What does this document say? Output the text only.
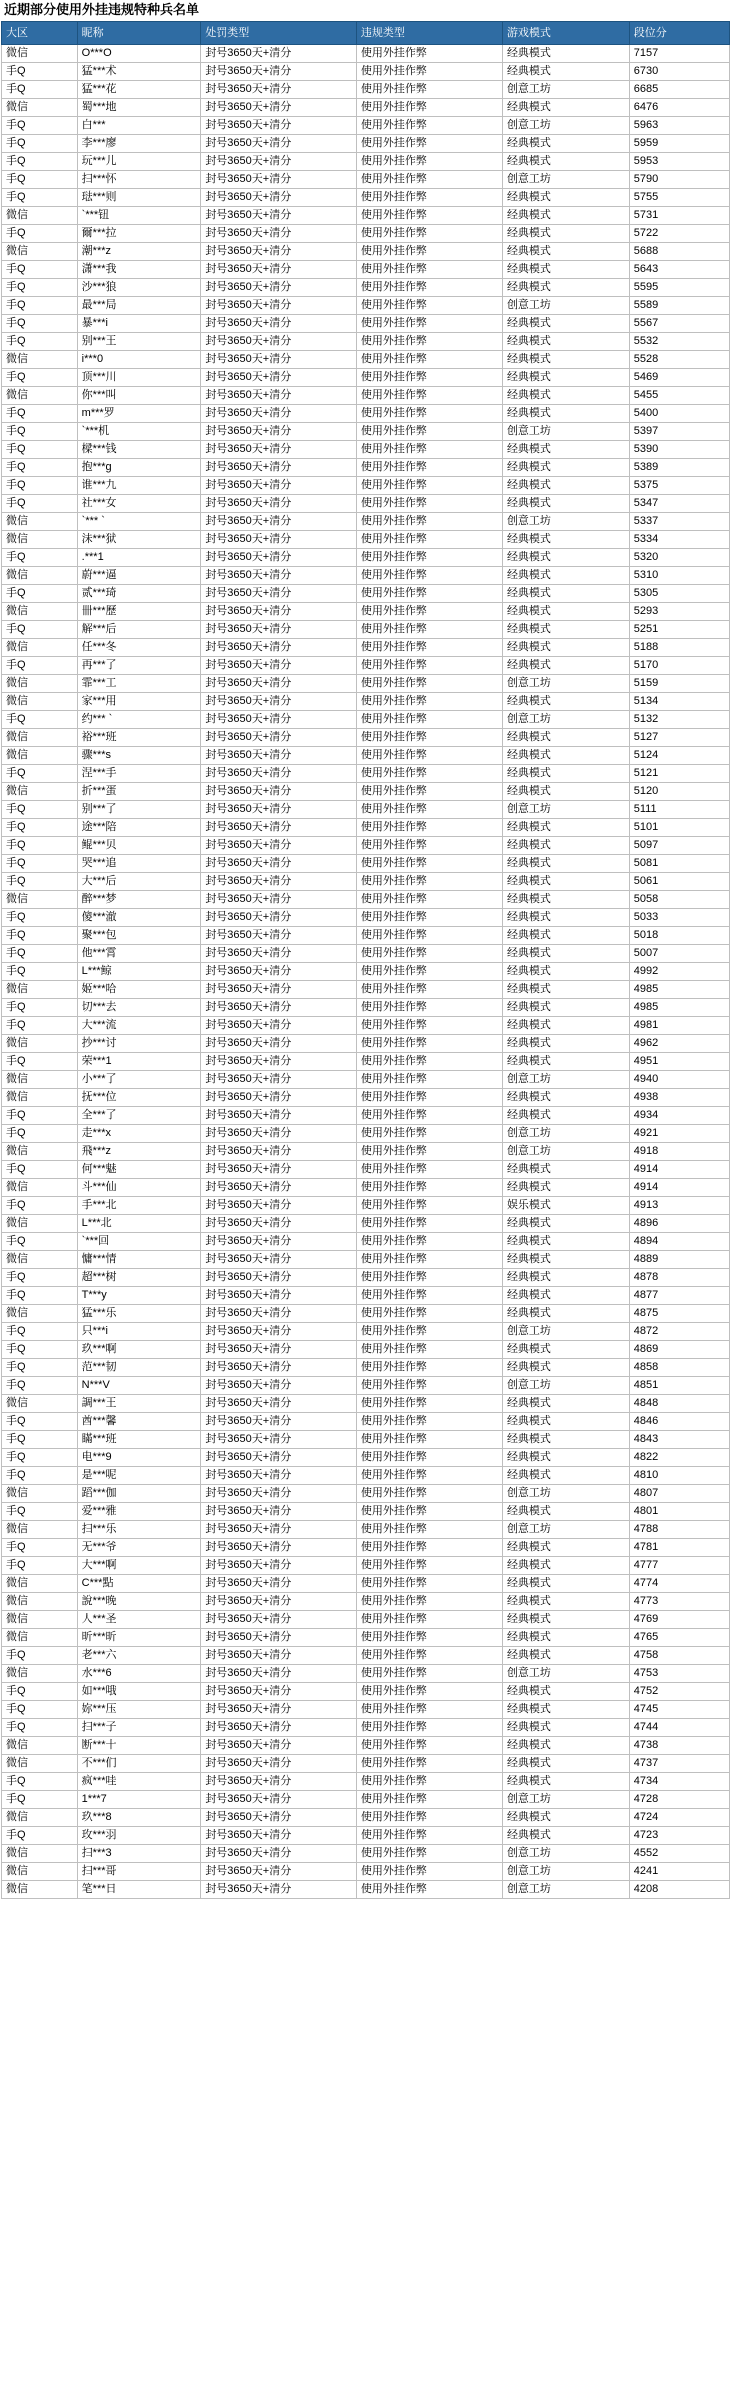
近期部分使用外挂违规特种兵名单
大区	昵称	处罚类型	违规类型	游戏模式	段位分
微信	O***O	封号3650天+清分	使用外挂作弊	经典模式	7157
手Q	猛***术	封号3650天+清分	使用外挂作弊	经典模式	6730
手Q	猛***花	封号3650天+清分	使用外挂作弊	创意工坊	6685
微信	蜀***地	封号3650天+清分	使用外挂作弊	经典模式	6476
手Q	白***	封号3650天+清分	使用外挂作弊	创意工坊	5963
手Q	李***廖	封号3650天+清分	使用外挂作弊	经典模式	5959
手Q	玩***儿	封号3650天+清分	使用外挂作弊	经典模式	5953
手Q	扫***怀	封号3650天+清分	使用外挂作弊	创意工坊	5790
手Q	琺***则	封号3650天+清分	使用外挂作弊	经典模式	5755
微信	`***钮	封号3650天+清分	使用外挂作弊	经典模式	5731
手Q	爾***拉	封号3650天+清分	使用外挂作弊	经典模式	5722
微信	潮***z	封号3650天+清分	使用外挂作弊	经典模式	5688
手Q	潇***我	封号3650天+清分	使用外挂作弊	经典模式	5643
手Q	沙***狼	封号3650天+清分	使用外挂作弊	经典模式	5595
手Q	最***局	封号3650天+清分	使用外挂作弊	创意工坊	5589
手Q	暴***i	封号3650天+清分	使用外挂作弊	经典模式	5567
手Q	别***王	封号3650天+清分	使用外挂作弊	经典模式	5532
微信	i***0	封号3650天+清分	使用外挂作弊	经典模式	5528
手Q	顶***川	封号3650天+清分	使用外挂作弊	经典模式	5469
微信	你***叫	封号3650天+清分	使用外挂作弊	经典模式	5455
手Q	m***罗	封号3650天+清分	使用外挂作弊	经典模式	5400
手Q	`***机	封号3650天+清分	使用外挂作弊	创意工坊	5397
手Q	樑***钱	封号3650天+清分	使用外挂作弊	经典模式	5390
手Q	抱***g	封号3650天+清分	使用外挂作弊	经典模式	5389
手Q	谁***九	封号3650天+清分	使用外挂作弊	经典模式	5375
手Q	社***女	封号3650天+清分	使用外挂作弊	经典模式	5347
微信	`*** `	封号3650天+清分	使用外挂作弊	创意工坊	5337
微信	沬***狱	封号3650天+清分	使用外挂作弊	经典模式	5334
手Q	.***1	封号3650天+清分	使用外挂作弊	经典模式	5320
微信	蔚***逼	封号3650天+清分	使用外挂作弊	经典模式	5310
手Q	贰***琦	封号3650天+清分	使用外挂作弊	经典模式	5305
微信	卌***歷	封号3650天+清分	使用外挂作弊	经典模式	5293
手Q	解***后	封号3650天+清分	使用外挂作弊	经典模式	5251
微信	任***冬	封号3650天+清分	使用外挂作弊	经典模式	5188
手Q	再***了	封号3650天+清分	使用外挂作弊	经典模式	5170
微信	霏***工	封号3650天+清分	使用外挂作弊	创意工坊	5159
微信	家***用	封号3650天+清分	使用外挂作弊	经典模式	5134
手Q	约*** `	封号3650天+清分	使用外挂作弊	创意工坊	5132
微信	裕***班	封号3650天+清分	使用外挂作弊	经典模式	5127
微信	骤***s	封号3650天+清分	使用外挂作弊	经典模式	5124
手Q	涅***手	封号3650天+清分	使用外挂作弊	经典模式	5121
微信	折***蛋	封号3650天+清分	使用外挂作弊	经典模式	5120
手Q	别***了	封号3650天+清分	使用外挂作弊	创意工坊	5111
手Q	途***陪	封号3650天+清分	使用外挂作弊	经典模式	5101
手Q	鲲***贝	封号3650天+清分	使用外挂作弊	经典模式	5097
手Q	哭***追	封号3650天+清分	使用外挂作弊	经典模式	5081
手Q	大***后	封号3650天+清分	使用外挂作弊	经典模式	5061
微信	醉***梦	封号3650天+清分	使用外挂作弊	经典模式	5058
手Q	傻***澈	封号3650天+清分	使用外挂作弊	经典模式	5033
手Q	聚***包	封号3650天+清分	使用外挂作弊	经典模式	5018
手Q	他***霄	封号3650天+清分	使用外挂作弊	经典模式	5007
手Q	L***鲸	封号3650天+清分	使用外挂作弊	经典模式	4992
微信	姬***哈	封号3650天+清分	使用外挂作弊	经典模式	4985
手Q	切***去	封号3650天+清分	使用外挂作弊	经典模式	4985
手Q	大***流	封号3650天+清分	使用外挂作弊	经典模式	4981
微信	抄***讨	封号3650天+清分	使用外挂作弊	经典模式	4962
手Q	荣***1	封号3650天+清分	使用外挂作弊	经典模式	4951
微信	小***了	封号3650天+清分	使用外挂作弊	创意工坊	4940
微信	抚***位	封号3650天+清分	使用外挂作弊	经典模式	4938
手Q	全***了	封号3650天+清分	使用外挂作弊	经典模式	4934
手Q	走***x	封号3650天+清分	使用外挂作弊	创意工坊	4921
微信	飛***z	封号3650天+清分	使用外挂作弊	创意工坊	4918
手Q	何***魅	封号3650天+清分	使用外挂作弊	经典模式	4914
微信	斗***仙	封号3650天+清分	使用外挂作弊	经典模式	4914
手Q	手***北	封号3650天+清分	使用外挂作弊	娱乐模式	4913
微信	L***北	封号3650天+清分	使用外挂作弊	经典模式	4896
手Q	`***回	封号3650天+清分	使用外挂作弊	经典模式	4894
微信	慵***情	封号3650天+清分	使用外挂作弊	经典模式	4889
手Q	超***树	封号3650天+清分	使用外挂作弊	经典模式	4878
手Q	T***y	封号3650天+清分	使用外挂作弊	经典模式	4877
微信	猛***乐	封号3650天+清分	使用外挂作弊	经典模式	4875
手Q	只***i	封号3650天+清分	使用外挂作弊	创意工坊	4872
手Q	玖***啊	封号3650天+清分	使用外挂作弊	经典模式	4869
手Q	范***韧	封号3650天+清分	使用外挂作弊	经典模式	4858
手Q	N***V	封号3650天+清分	使用外挂作弊	创意工坊	4851
微信	調***王	封号3650天+清分	使用外挂作弊	经典模式	4848
手Q	酋***馨	封号3650天+清分	使用外挂作弊	经典模式	4846
手Q	瞞***班	封号3650天+清分	使用外挂作弊	经典模式	4843
手Q	电***9	封号3650天+清分	使用外挂作弊	经典模式	4822
手Q	是***呢	封号3650天+清分	使用外挂作弊	经典模式	4810
微信	蹈***伽	封号3650天+清分	使用外挂作弊	创意工坊	4807
手Q	爱***雅	封号3650天+清分	使用外挂作弊	经典模式	4801
微信	扫***乐	封号3650天+清分	使用外挂作弊	创意工坊	4788
手Q	无***爷	封号3650天+清分	使用外挂作弊	经典模式	4781
手Q	大***啊	封号3650天+清分	使用外挂作弊	经典模式	4777
微信	C***點	封号3650天+清分	使用外挂作弊	经典模式	4774
微信	說***晚	封号3650天+清分	使用外挂作弊	经典模式	4773
微信	人***圣	封号3650天+清分	使用外挂作弊	经典模式	4769
微信	昕***昕	封号3650天+清分	使用外挂作弊	经典模式	4765
手Q	老***六	封号3650天+清分	使用外挂作弊	经典模式	4758
微信	水***6	封号3650天+清分	使用外挂作弊	创意工坊	4753
手Q	如***哦	封号3650天+清分	使用外挂作弊	经典模式	4752
手Q	妳***压	封号3650天+清分	使用外挂作弊	经典模式	4745
手Q	扫***子	封号3650天+清分	使用外挂作弊	经典模式	4744
微信	断***十	封号3650天+清分	使用外挂作弊	经典模式	4738
微信	不***们	封号3650天+清分	使用外挂作弊	经典模式	4737
手Q	疯***哇	封号3650天+清分	使用外挂作弊	经典模式	4734
手Q	1***7	封号3650天+清分	使用外挂作弊	创意工坊	4728
微信	玖***8	封号3650天+清分	使用外挂作弊	经典模式	4724
手Q	玫***羽	封号3650天+清分	使用外挂作弊	经典模式	4723
微信	扫***3	封号3650天+清分	使用外挂作弊	创意工坊	4552
微信	扫***哥	封号3650天+清分	使用外挂作弊	创意工坊	4241
微信	笔***日	封号3650天+清分	使用外挂作弊	创意工坊	4208
